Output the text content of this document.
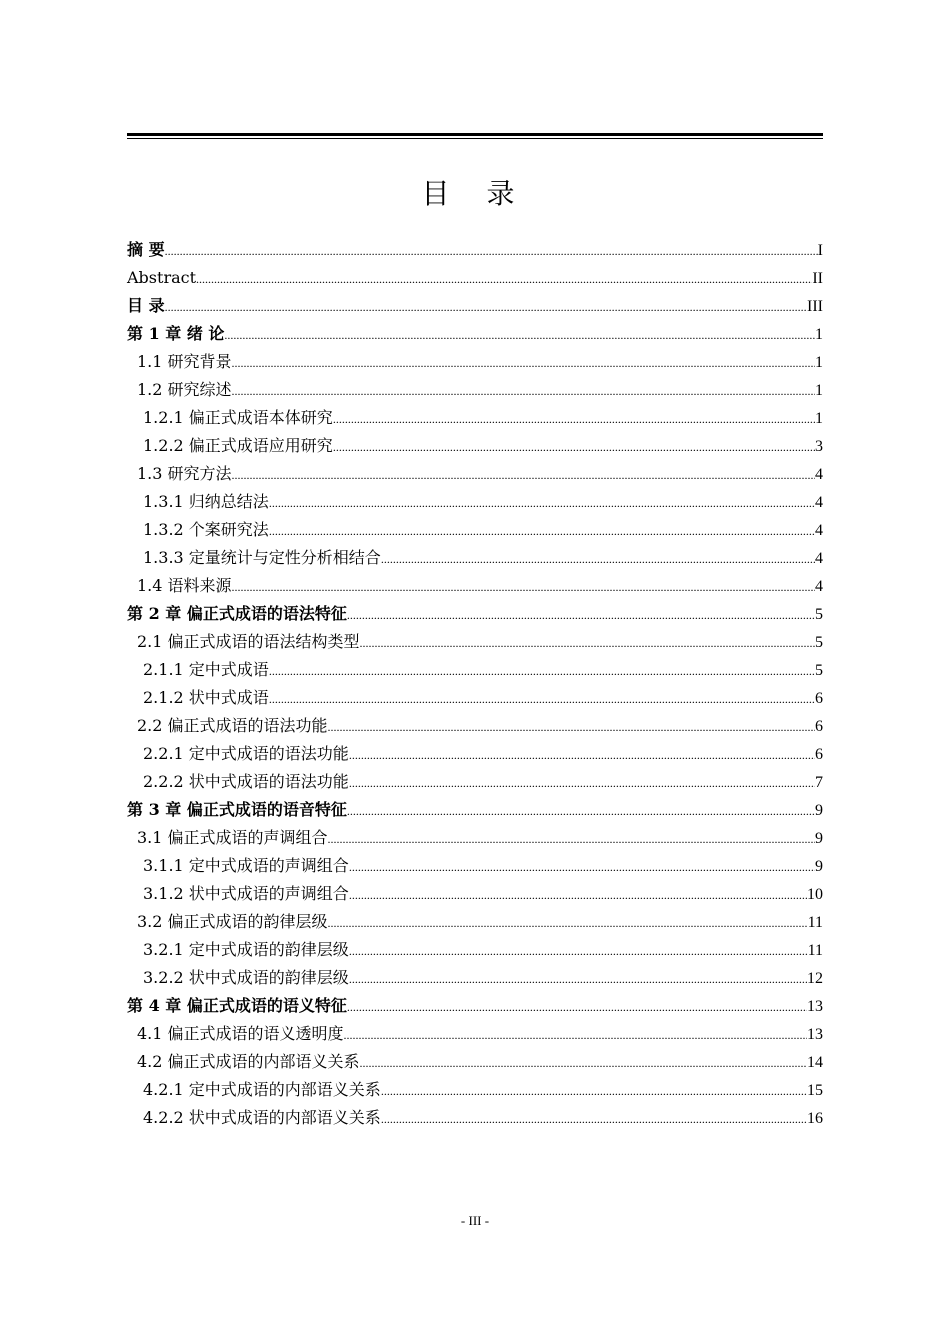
目 录
摘 要 .....	I
Abstract .....	II
目 录 .....	III
第 1 章 绪 论 .....	1
1.1 研究背景 .....	1
1.2 研究综述 .....	1
1.2.1 偏正式成语本体研究 .....	1
1.2.2 偏正式成语应用研究 .....	3
1.3 研究方法 .....	4
1.3.1 归纳总结法 .....	4
1.3.2 个案研究法 .....	4
1.3.3 定量统计与定性分析相结合 .....	4
1.4 语料来源 .....	4
第 2 章 偏正式成语的语法特征 .....	5
2.1 偏正式成语的语法结构类型 .....	5
2.1.1 定中式成语 .....	5
2.1.2 状中式成语 .....	6
2.2 偏正式成语的语法功能 .....	6
2.2.1 定中式成语的语法功能 .....	6
2.2.2 状中式成语的语法功能 .....	7
第 3 章 偏正式成语的语音特征 .....	9
3.1 偏正式成语的声调组合 .....	9
3.1.1 定中式成语的声调组合 .....	9
3.1.2 状中式成语的声调组合 .....	10
3.2 偏正式成语的韵律层级 .....	11
3.2.1 定中式成语的韵律层级 .....	11
3.2.2 状中式成语的韵律层级 .....	12
第 4 章 偏正式成语的语义特征 .....	13
4.1 偏正式成语的语义透明度 .....	13
4.2 偏正式成语的内部语义关系 .....	14
4.2.1 定中式成语的内部语义关系 .....	15
4.2.2 状中式成语的内部语义关系 .....	16
- III -
